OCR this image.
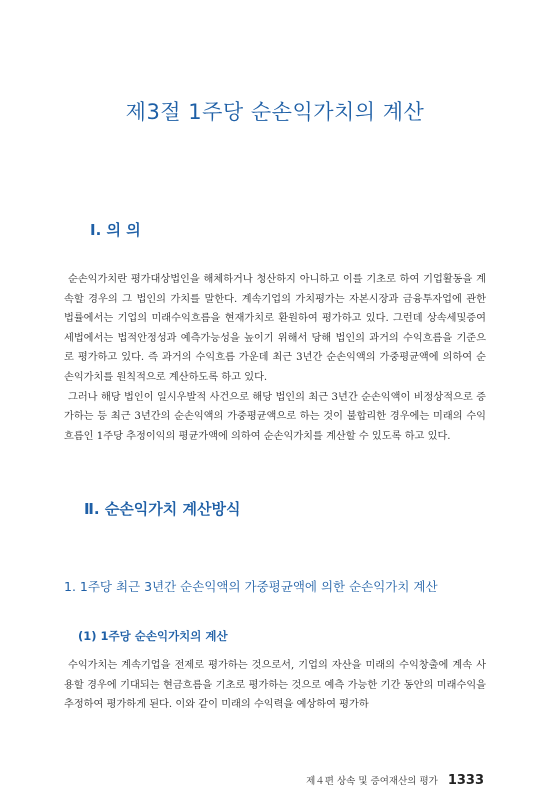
제3절 1주당 순손익가치의 계산
Ⅰ. 의 의

순손익가치란 평가대상법인을 해체하거나 청산하지 아니하고 이를 기초로 하여 기업활동을 계속할 경우의 그 법인의 가치를 말한다. 계속기업의 가치평가는 자본시장과 금융투자업에 관한 법률에서는 기업의 미래수익흐름을 현재가치로 환원하여 평가하고 있다. 그런데 상속세및증여세법에서는 법적안정성과 예측가능성을 높이기 위해서 당해 법인의 과거의 수익흐름을 기준으로 평가하고 있다. 즉 과거의 수익흐름 가운데 최근 3년간 순손익액의 가중평균액에 의하여 순손익가치를 원칙적으로 계산하도록 하고 있다.

그러나 해당 법인이 일시우발적 사건으로 해당 법인의 최근 3년간 순손익액이 비정상적으로 증가하는 등 최근 3년간의 순손익액의 가중평균액으로 하는 것이 불합리한 경우에는 미래의 수익흐름인 1주당 추정이익의 평균가액에 의하여 순손익가치를 계산할 수 있도록 하고 있다.

Ⅱ. 순손익가치 계산방식
1. 1주당 최근 3년간 순손익액의 가중평균액에 의한 순손익가치 계산
(1) 1주당 순손익가치의 계산

수익가치는 계속기업을 전제로 평가하는 것으로서, 기업의 자산을 미래의 수익창출에 계속 사용할 경우에 기대되는 현금흐름을 기초로 평가하는 것으로 예측 가능한 기간 동안의 미래수익을 추정하여 평가하게 된다. 이와 같이 미래의 수익력을 예상하여 평가하

제４편 상속 및 증여재산의 평가 1333
